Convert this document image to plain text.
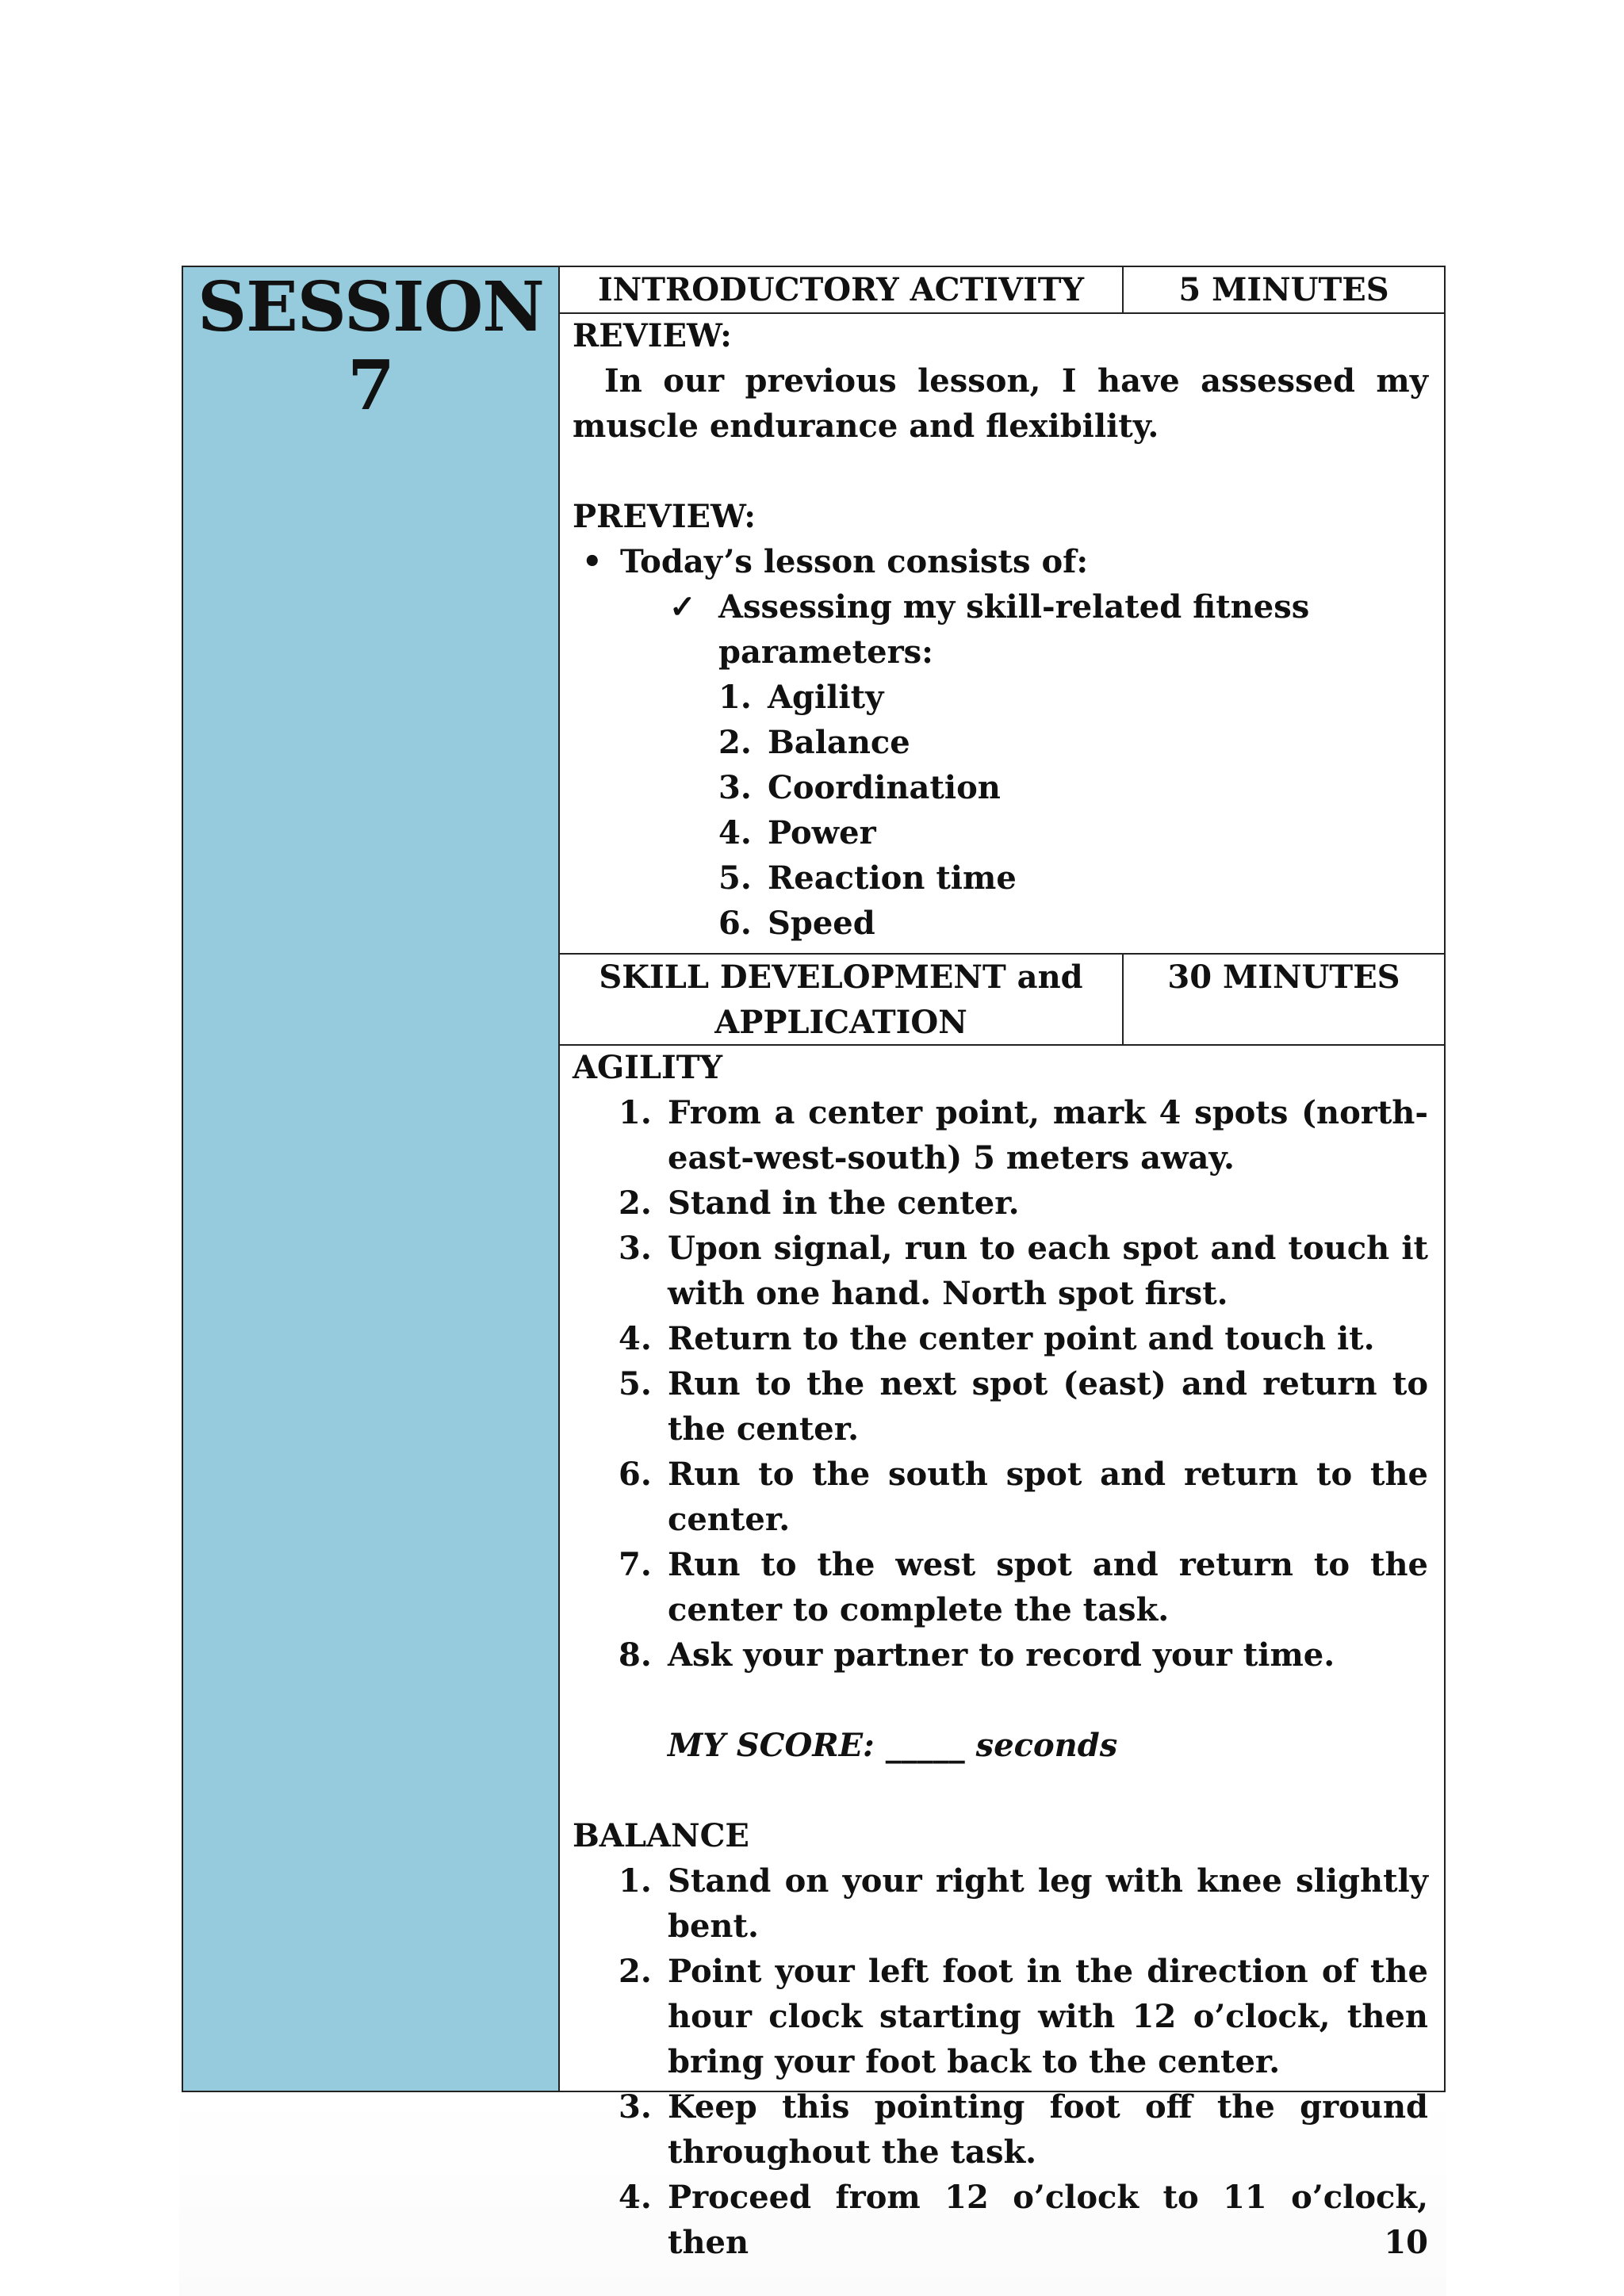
SESSION 7
INTRODUCTORY ACTIVITY	5 MINUTES

REVIEW:

In our previous lesson, I have assessed my muscle endurance and flexibility.

PREVIEW:

• Today’s lesson consists of:
✓ Assessing my skill-related fitness parameters:
1. Agility
2. Balance
3. Coordination
4. Power
5. Reaction time
6. Speed
SKILL DEVELOPMENT and
APPLICATION
30 MINUTES

AGILITY

1. From a center point, mark 4 spots (north-east-west-south) 5 meters away.
2. Stand in the center.
3. Upon signal, run to each spot and touch it with one hand. North spot first.
4. Return to the center point and touch it.
5. Run to the next spot (east) and return to the center.
6. Run to the south spot and return to the center.
7. Run to the west spot and return to the center to complete the task.
8. Ask your partner to record your time.

MY SCORE: _____ seconds

BALANCE

1. Stand on your right leg with knee slightly bent.
2. Point your left foot in the direction of the hour clock starting with 12 o’clock, then bring your foot back to the center.
3. Keep this pointing foot off the ground throughout the task.
4. Proceed from 12 o’clock to 11 o’clock, then 10
